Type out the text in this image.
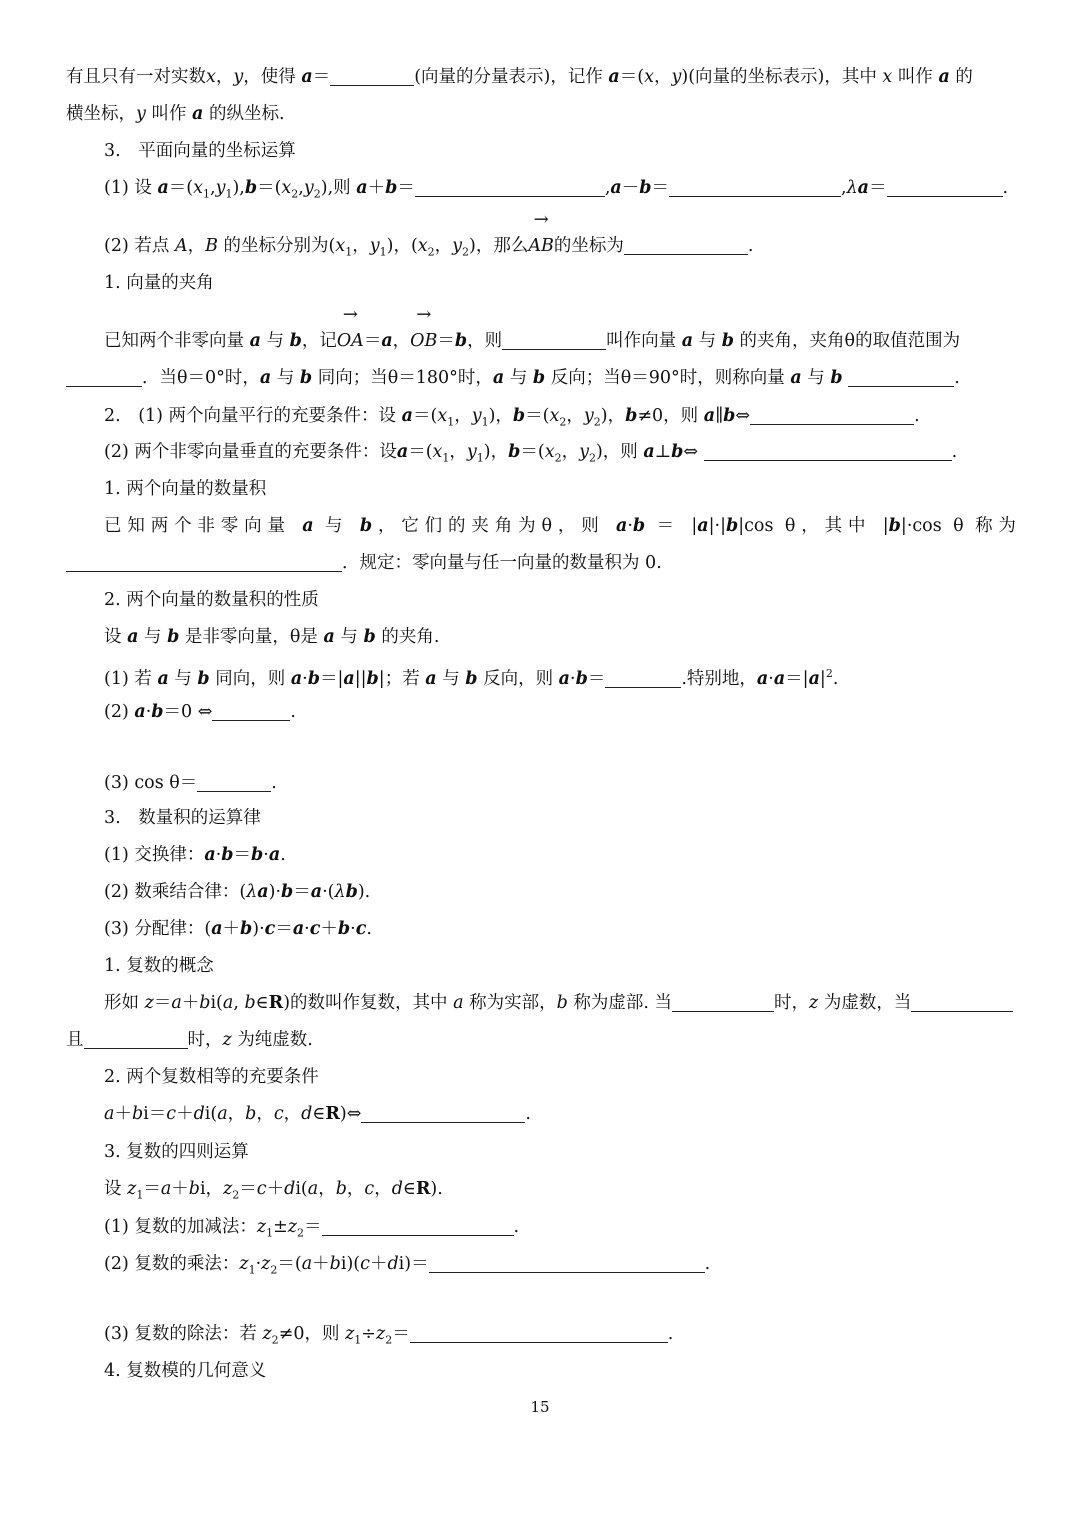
有且只有一对实数x，y，使得 a＝	(向量的分量表示)，记作 a＝(x，y)(向量的坐标表示)，其中 x 叫作 a 的
横坐标，y 叫作 a 的纵坐标.
3.　平面向量的坐标运算
(1) 设 $a=(x_1,y_1),b=(x_2,y_2)$,则 a＋b＝	,a－b＝	,λa＝	.
(2) 若点 A，B 的坐标分别为($x_1$，$y_1$)，($x_2$，$y_2$)，那么→ AB的坐标为	.
1. 向量的夹角
已知两个非零向量 a 与 b，记→ OA＝a，→ OB＝b，则	叫作向量 a 与 b 的夹角，夹角θ的取值范围为
．当θ＝0°时，a 与 b 同向；当θ＝180°时，a 与 b 反向；当θ＝90°时，则称向量 a 与 b	.
2.　(1) 两个向量平行的充要条件：设 $a=(x_1$，$y_1$)，$b=(x_2$，$y_2$)，b≠0，则 a∥b⇔	.
(2) 两个非零向量垂直的充要条件：设$a=(x_1$，$y_1$)，$b=(x_2$，$y_2$)，则 a⊥b⇔	.
1. 两个向量的数量积
已知两个非零向量 a 与 b，它们的夹角为θ，则 a·b ＝ |a|·|b|cos θ，其中 |b|·cos θ 称为
．规定：零向量与任一向量的数量积为 0.
2. 两个向量的数量积的性质
设 a 与 b 是非零向量，θ是 a 与 b 的夹角.
(1) 若 a 与 b 同向，则 a·b＝|a||b|；若 a 与 b 反向，则 a·b＝	.特别地，$a\cdot a=|a|^2$.
(2) a·b＝0 ⇔	.
(3) cos θ＝	.
3.　数量积的运算律
(1) 交换律：a·b＝b·a.
(2) 数乘结合律：(λa)·b＝a·(λb).
(3) 分配律：(a＋b)·c＝a·c＋b·c.
1. 复数的概念
形如 z＝a＋bi(a, b∈R)的数叫作复数，其中 a 称为实部，b 称为虚部. 当	时，z 为虚数，当
且	时，z 为纯虚数.
2. 两个复数相等的充要条件
a＋bi＝c＋di(a，b，c，d∈R)⇔	.
3. 复数的四则运算
设 $z_1=a+bi$，$z_2=c+di(a$，b，c，d∈R).
(1) 复数的加减法：$z_1\pm z_2=$	.
(2) 复数的乘法：$z_1\cdot z_2=(a+bi)(c+di)=$	.
(3) 复数的除法：若 $z_2\ne 0$，则 $z_1\div z_2=$	.
4. 复数模的几何意义
15
